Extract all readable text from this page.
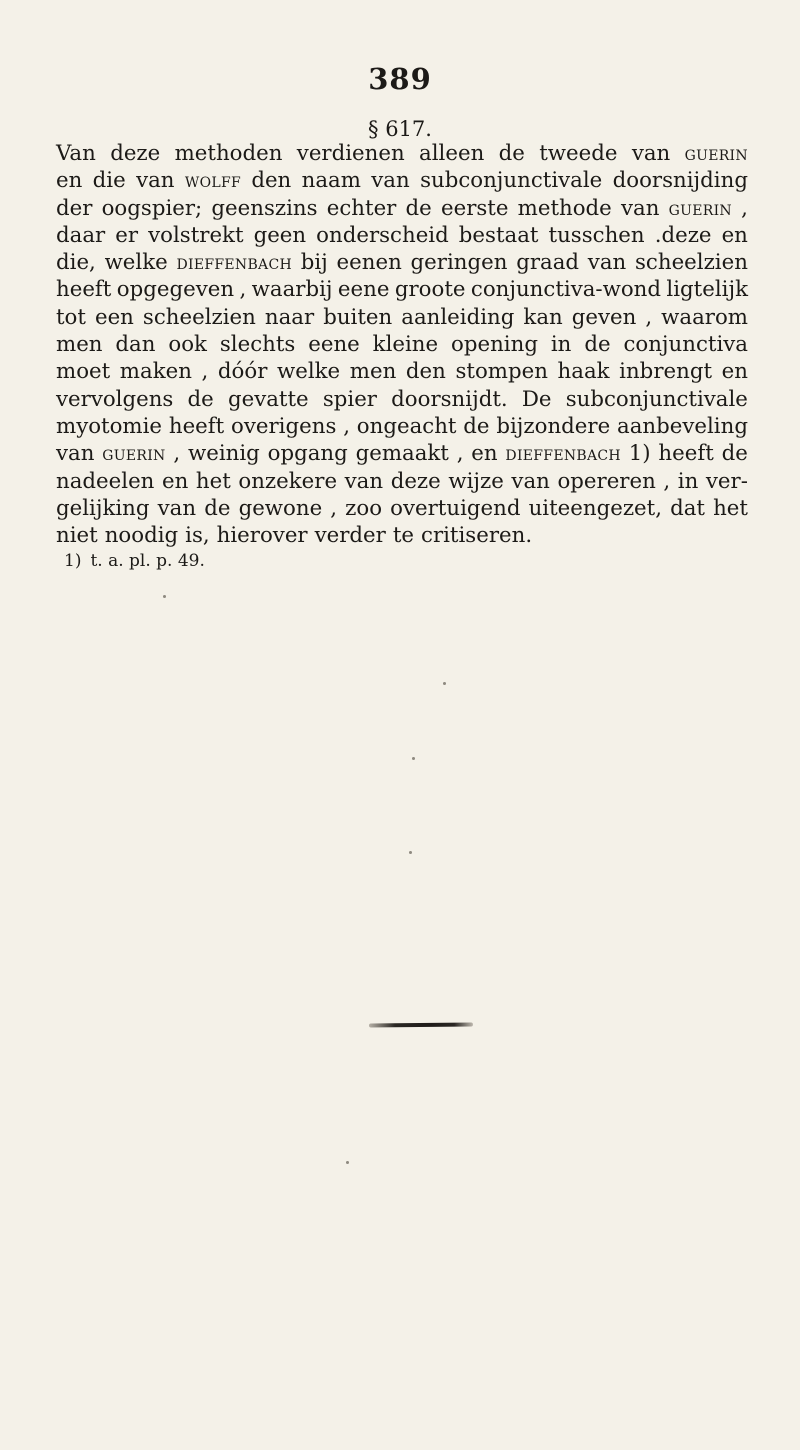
389
§ 617.
Van deze methoden verdienen alleen de tweede van guerin
en die van wolff den naam van subconjunctivale doorsnijding
der oogspier; geenszins echter de eerste methode van guerin ,
daar er volstrekt geen onderscheid bestaat tusschen .deze en
die, welke dieffenbach bij eenen geringen graad van scheelzien
heeft opgegeven , waarbij eene groote conjunctiva-wond ligtelijk
tot een scheelzien naar buiten aanleiding kan geven , waarom
men dan ook slechts eene kleine opening in de conjunctiva
moet maken , dóór welke men den stompen haak inbrengt en
vervolgens de gevatte spier doorsnijdt. De subconjunctivale
myotomie heeft overigens , ongeacht de bijzondere aanbeveling
van guerin , weinig opgang gemaakt , en dieffenbach 1) heeft de
nadeelen en het onzekere van deze wijze van opereren , in ver-
gelijking van de gewone , zoo overtuigend uiteengezet, dat het
niet noodig is, hierover verder te critiseren.
1) t. a. pl. p. 49.
